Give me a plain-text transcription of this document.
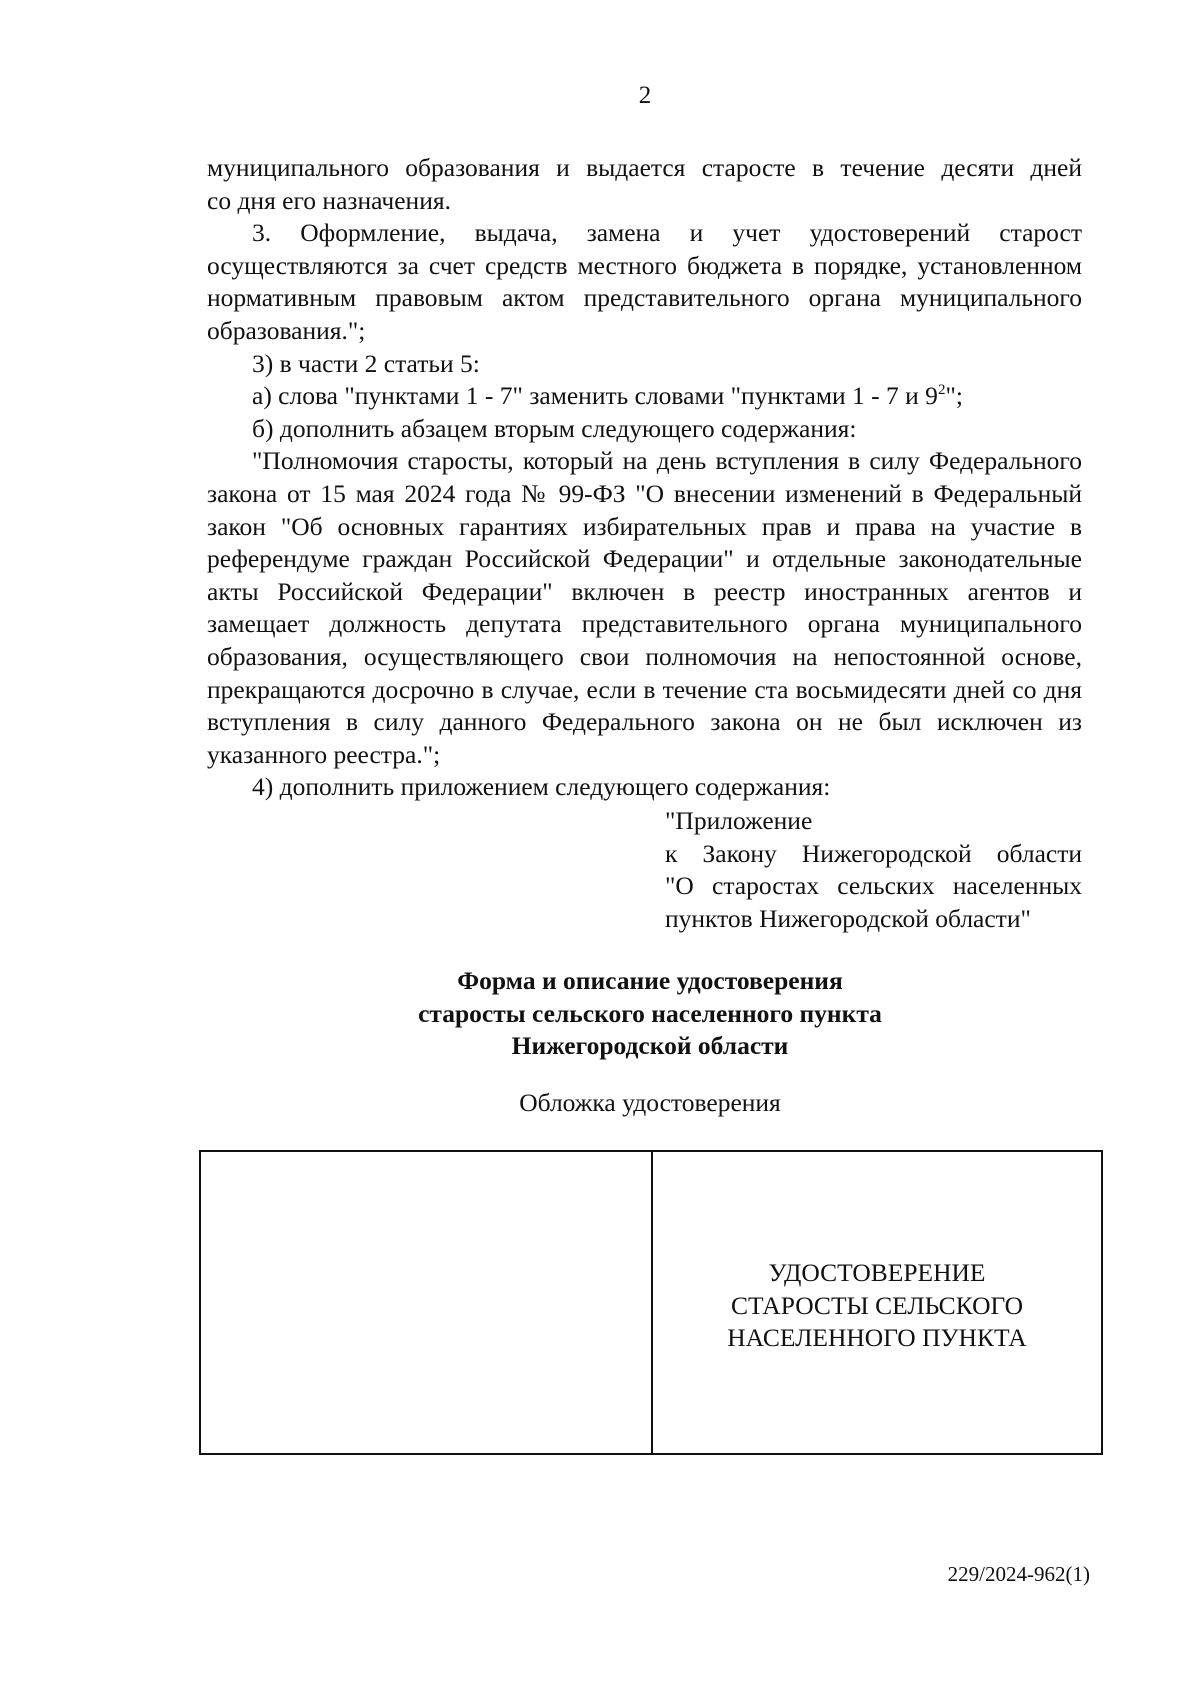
2

муниципального образования и выдается старосте в течение десяти дней

со дня его назначения.

3. Оформление, выдача, замена и учет удостоверений старост осуществляются за счет средств местного бюджета в порядке, установленном нормативным правовым актом представительного органа муниципального образования.";

3) в части 2 статьи 5:

а) слова "пунктами 1 - 7" заменить словами "пунктами 1 - 7 и $9^2$";

б) дополнить абзацем вторым следующего содержания:

"Полномочия старосты, который на день вступления в силу Федерального закона от 15 мая 2024 года № 99-ФЗ "О внесении изменений в Федеральный закон "Об основных гарантиях избирательных прав и права на участие в референдуме граждан Российской Федерации" и отдельные законодательные акты Российской Федерации" включен в реестр иностранных агентов и замещает должность депутата представительного органа муниципального образования, осуществляющего свои полномочия на непостоянной основе, прекращаются досрочно в случае, если в течение ста восьмидесяти дней со дня вступления в силу данного Федерального закона он не был исключен из указанного реестра.";

4) дополнить приложением следующего содержания:

"Приложение

к Закону Нижегородской области

"О старостах сельских населенных

пунктов Нижегородской области"

Форма и описание удостоверения
старосты сельского населенного пункта
Нижегородской области
Обложка удостоверения
УДОСТОВЕРЕНИЕ
СТАРОСТЫ СЕЛЬСКОГО
НАСЕЛЕННОГО ПУНКТА
229/2024-962(1)
